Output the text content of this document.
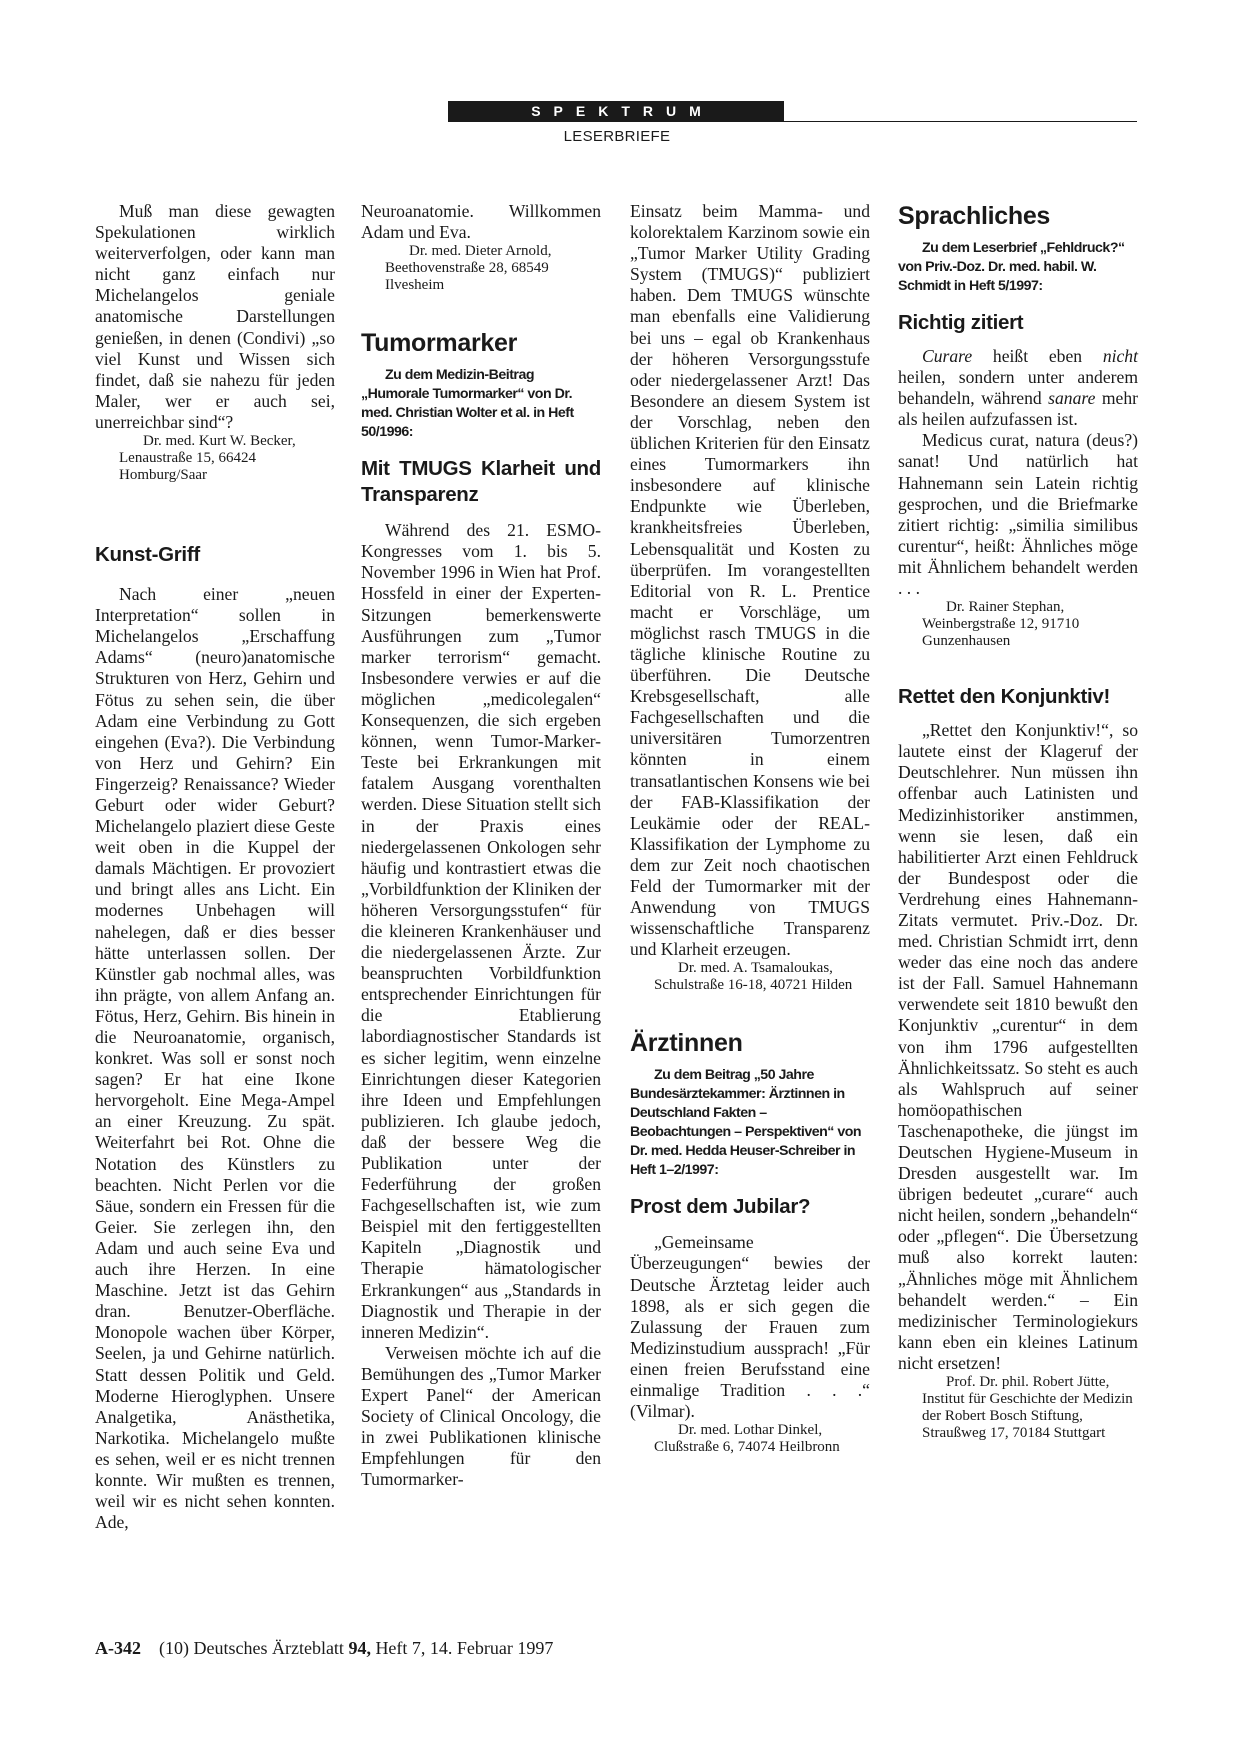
SPEKTRUM
LESERBRIEFE

Muß man diese gewagten Spekulationen wirklich weiterverfolgen, oder kann man nicht ganz einfach nur Michelangelos geniale anatomische Darstellungen genießen, in denen (Condivi) „so viel Kunst und Wissen sich findet, daß sie nahezu für jeden Maler, wer er auch sei, unerreichbar sind“?

Dr. med. Kurt W. Becker, Lenaustraße 15, 66424 Homburg/Saar

Kunst-Griff

Nach einer „neuen Interpretation“ sollen in Michelangelos „Erschaffung Adams“ (neuro)anatomische Strukturen von Herz, Gehirn und Fötus zu sehen sein, die über Adam eine Verbindung zu Gott eingehen (Eva?). Die Verbindung von Herz und Gehirn? Ein Fingerzeig? Renaissance? Wieder Geburt oder wider Geburt? Michelangelo plaziert diese Geste weit oben in die Kuppel der damals Mächtigen. Er provoziert und bringt alles ans Licht. Ein modernes Unbehagen will nahelegen, daß er dies besser hätte unterlassen sollen. Der Künstler gab nochmal alles, was ihn prägte, von allem Anfang an. Fötus, Herz, Gehirn. Bis hinein in die Neuroanatomie, organisch, konkret. Was soll er sonst noch sagen? Er hat eine Ikone hervorgeholt. Eine Mega-Ampel an einer Kreuzung. Zu spät. Weiterfahrt bei Rot. Ohne die Notation des Künstlers zu beachten. Nicht Perlen vor die Säue, sondern ein Fressen für die Geier. Sie zerlegen ihn, den Adam und auch seine Eva und auch ihre Herzen. In eine Maschine. Jetzt ist das Gehirn dran. Benutzer-Oberfläche. Monopole wachen über Körper, Seelen, ja und Gehirne natürlich. Statt dessen Politik und Geld. Moderne Hieroglyphen. Unsere Analgetika, Anästhetika, Narkotika. Michelangelo mußte es sehen, weil er es nicht trennen konnte. Wir mußten es trennen, weil wir es nicht sehen konnten. Ade,

Neuroanatomie. Willkommen Adam und Eva.

Dr. med. Dieter Arnold, Beethovenstraße 28, 68549 Ilvesheim

Tumormarker

Zu dem Medizin-Beitrag „Humorale Tumormarker“ von Dr. med. Christian Wolter et al. in Heft 50/1996:

Mit TMUGS Klarheit und Transparenz

Während des 21. ESMO-Kongresses vom 1. bis 5. November 1996 in Wien hat Prof. Hossfeld in einer der Experten-Sitzungen bemerkenswerte Ausführungen zum „Tumor marker terrorism“ gemacht. Insbesondere verwies er auf die möglichen „medicolegalen“ Konsequenzen, die sich ergeben können, wenn Tumor-Marker-Teste bei Erkrankungen mit fatalem Ausgang vorenthalten werden. Diese Situation stellt sich in der Praxis eines niedergelassenen Onkologen sehr häufig und kontrastiert etwas die „Vorbildfunktion der Kliniken der höheren Versorgungsstufen“ für die kleineren Krankenhäuser und die niedergelassenen Ärzte. Zur beanspruchten Vorbildfunktion entsprechender Einrichtungen für die Etablierung labordiagnostischer Standards ist es sicher legitim, wenn einzelne Einrichtungen dieser Kategorien ihre Ideen und Empfehlungen publizieren. Ich glaube jedoch, daß der bessere Weg die Publikation unter der Federführung der großen Fachgesellschaften ist, wie zum Beispiel mit den fertiggestellten Kapiteln „Diagnostik und Therapie hämatologischer Erkrankungen“ aus „Standards in Diagnostik und Therapie in der inneren Medizin“.

Verweisen möchte ich auf die Bemühungen des „Tumor Marker Expert Panel“ der American Society of Clinical Oncology, die in zwei Publikationen klinische Empfehlungen für den Tumormarker-

Einsatz beim Mamma- und kolorektalem Karzinom sowie ein „Tumor Marker Utility Grading System (TMUGS)“ publiziert haben. Dem TMUGS wünschte man ebenfalls eine Validierung bei uns – egal ob Krankenhaus der höheren Versorgungsstufe oder niedergelassener Arzt! Das Besondere an diesem System ist der Vorschlag, neben den üblichen Kriterien für den Einsatz eines Tumormarkers ihn insbesondere auf klinische Endpunkte wie Überleben, krankheitsfreies Überleben, Lebensqualität und Kosten zu überprüfen. Im vorangestellten Editorial von R. L. Prentice macht er Vorschläge, um möglichst rasch TMUGS in die tägliche klinische Routine zu überführen. Die Deutsche Krebsgesellschaft, alle Fachgesellschaften und die universitären Tumorzentren könnten in einem transatlantischen Konsens wie bei der FAB-Klassifikation der Leukämie oder der REAL-Klassifikation der Lymphome zu dem zur Zeit noch chaotischen Feld der Tumormarker mit der Anwendung von TMUGS wissenschaftliche Transparenz und Klarheit erzeugen.

Dr. med. A. Tsamaloukas, Schulstraße 16-18, 40721 Hilden

Ärztinnen

Zu dem Beitrag „50 Jahre Bundesärztekammer: Ärztinnen in Deutschland Fakten – Beobachtungen – Perspektiven“ von Dr. med. Hedda Heuser-Schreiber in Heft 1–2/1997:

Prost dem Jubilar?

„Gemeinsame Überzeugungen“ bewies der Deutsche Ärztetag leider auch 1898, als er sich gegen die Zulassung der Frauen zum Medizinstudium aussprach! „Für einen freien Berufsstand eine einmalige Tradition . . .“ (Vilmar).

Dr. med. Lothar Dinkel, Clußstraße 6, 74074 Heilbronn

Sprachliches

Zu dem Leserbrief „Fehldruck?“ von Priv.-Doz. Dr. med. habil. W. Schmidt in Heft 5/1997:

Richtig zitiert

Curare heißt eben nicht heilen, sondern unter anderem behandeln, während sanare mehr als heilen aufzufassen ist.

Medicus curat, natura (deus?) sanat! Und natürlich hat Hahnemann sein Latein richtig gesprochen, und die Briefmarke zitiert richtig: „similia similibus curentur“, heißt: Ähnliches möge mit Ähnlichem behandelt werden . . .

Dr. Rainer Stephan, Weinbergstraße 12, 91710 Gunzenhausen

Rettet den Konjunktiv!

„Rettet den Konjunktiv!“, so lautete einst der Klageruf der Deutschlehrer. Nun müssen ihn offenbar auch Latinisten und Medizinhistoriker anstimmen, wenn sie lesen, daß ein habilitierter Arzt einen Fehldruck der Bundespost oder die Verdrehung eines Hahnemann-Zitats vermutet. Priv.-Doz. Dr. med. Christian Schmidt irrt, denn weder das eine noch das andere ist der Fall. Samuel Hahnemann verwendete seit 1810 bewußt den Konjunktiv „curentur“ in dem von ihm 1796 aufgestellten Ähnlichkeitssatz. So steht es auch als Wahlspruch auf seiner homöopathischen Taschenapotheke, die jüngst im Deutschen Hygiene-Museum in Dresden ausgestellt war. Im übrigen bedeutet „curare“ auch nicht heilen, sondern „behandeln“ oder „pflegen“. Die Übersetzung muß also korrekt lauten: „Ähnliches möge mit Ähnlichem behandelt werden.“ – Ein medizinischer Terminologiekurs kann eben ein kleines Latinum nicht ersetzen!

Prof. Dr. phil. Robert Jütte, Institut für Geschichte der Medizin der Robert Bosch Stiftung, Straußweg 17, 70184 Stuttgart

A-342 (10) Deutsches Ärzteblatt 94, Heft 7, 14. Februar 1997
